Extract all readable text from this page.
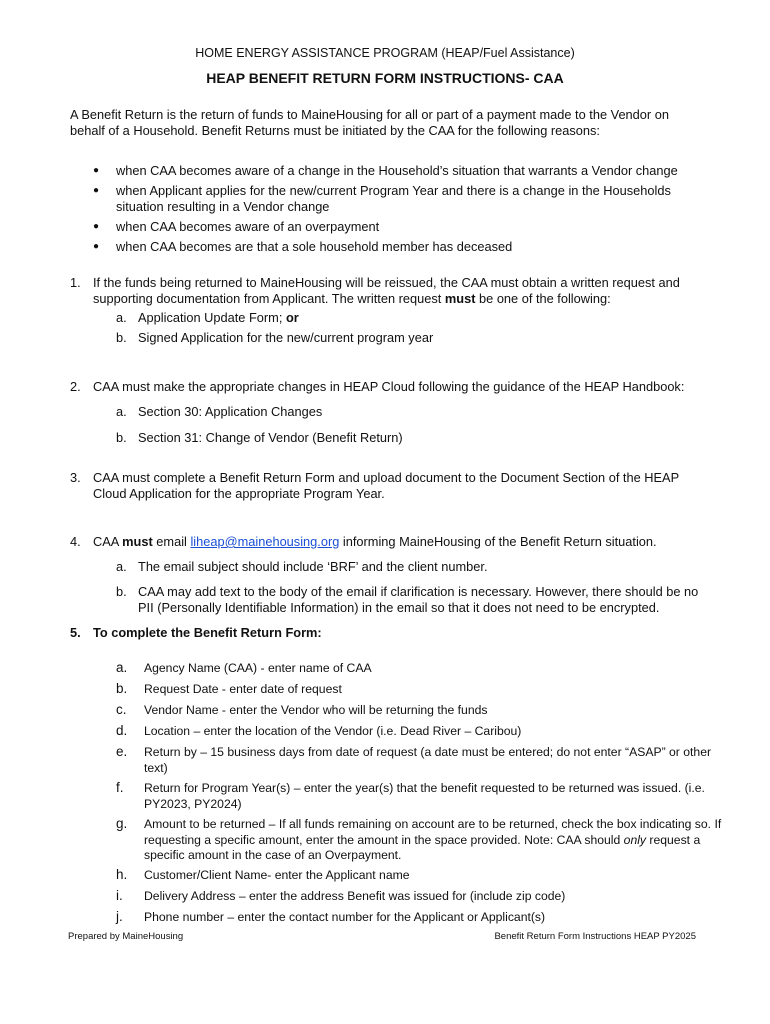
HOME ENERGY ASSISTANCE PROGRAM (HEAP/Fuel Assistance)
HEAP BENEFIT RETURN FORM INSTRUCTIONS- CAA
A Benefit Return is the return of funds to MaineHousing for all or part of a payment made to the Vendor on behalf of a Household. Benefit Returns must be initiated by the CAA for the following reasons:
● when CAA becomes aware of a change in the Household’s situation that warrants a Vendor change
● when Applicant applies for the new/current Program Year and there is a change in the Households situation resulting in a Vendor change
● when CAA becomes aware of an overpayment
● when CAA becomes are that a sole household member has deceased
1. If the funds being returned to MaineHousing will be reissued, the CAA must obtain a written request and supporting documentation from Applicant. The written request must be one of the following:
a. Application Update Form; or
b. Signed Application for the new/current program year
2. CAA must make the appropriate changes in HEAP Cloud following the guidance of the HEAP Handbook:
a. Section 30: Application Changes
b. Section 31: Change of Vendor (Benefit Return)
3. CAA must complete a Benefit Return Form and upload document to the Document Section of the HEAP Cloud Application for the appropriate Program Year.
4. CAA must email liheap@mainehousing.org informing MaineHousing of the Benefit Return situation.
a. The email subject should include ‘BRF’ and the client number.
b. CAA may add text to the body of the email if clarification is necessary. However, there should be no PII (Personally Identifiable Information) in the email so that it does not need to be encrypted.
5. To complete the Benefit Return Form:
a. Agency Name (CAA) - enter name of CAA
b. Request Date - enter date of request
c. Vendor Name - enter the Vendor who will be returning the funds
d. Location – enter the location of the Vendor (i.e. Dead River – Caribou)
e. Return by – 15 business days from date of request (a date must be entered; do not enter “ASAP” or other text)
f. Return for Program Year(s) – enter the year(s) that the benefit requested to be returned was issued. (i.e. PY2023, PY2024)
g. Amount to be returned – If all funds remaining on account are to be returned, check the box indicating so. If requesting a specific amount, enter the amount in the space provided. Note: CAA should only request a specific amount in the case of an Overpayment.
h. Customer/Client Name- enter the Applicant name
i. Delivery Address – enter the address Benefit was issued for (include zip code)
j. Phone number – enter the contact number for the Applicant or Applicant(s)
Prepared by MaineHousing	Benefit Return Form Instructions HEAP PY2025
